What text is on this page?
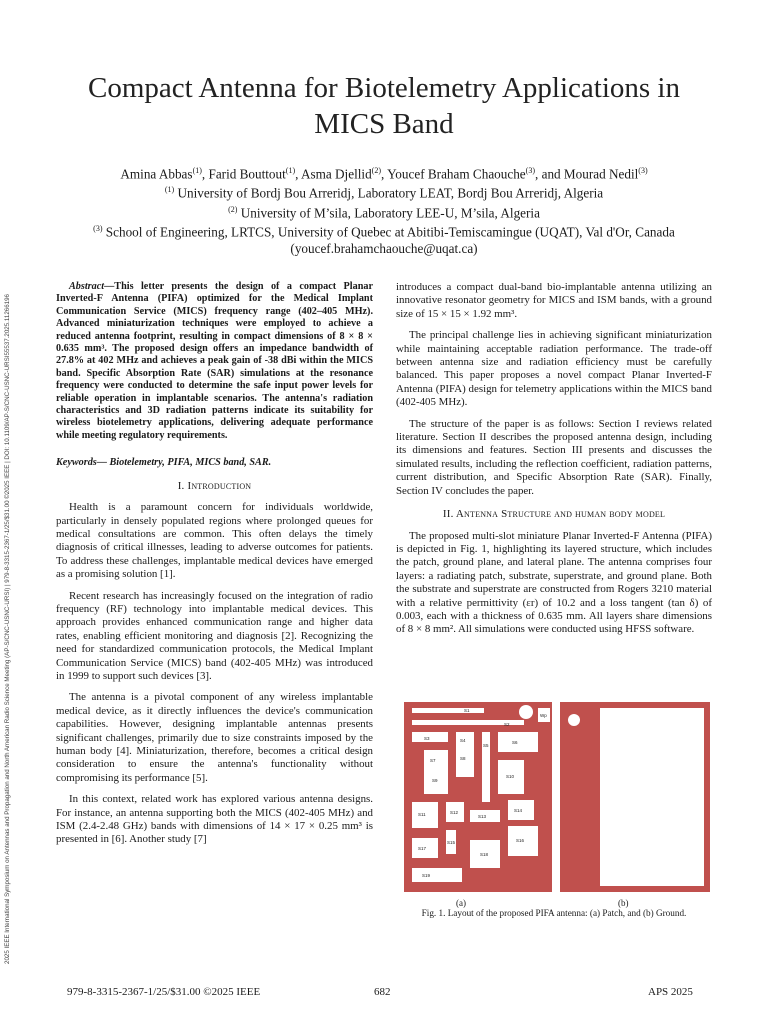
2025 IEEE International Symposium on Antennas and Propagation and North American Radio Science Meeting (AP-S/CNC-USNC-URSI) | 979-8-3315-2367-1/25/$31.00 ©2025 IEEE | DOI: 10.1109/AP-S/CNC-USNC-URSI55537.2025.11266196
Compact Antenna for Biotelemetry Applications in MICS Band
Amina Abbas$^{(1)}$, Farid Bouttout$^{(1)}$, Asma Djellid$^{(2)}$, Youcef Braham Chaouche$^{(3)}$, and Mourad Nedil$^{(3)}$
$^{(1)}$ University of Bordj Bou Arreridj, Laboratory LEAT, Bordj Bou Arreridj, Algeria
$^{(2)}$ University of M’sila, Laboratory LEE-U, M’sila, Algeria
$^{(3)}$ School of Engineering, LRTCS, University of Quebec at Abitibi-Temiscamingue (UQAT), Val d'Or, Canada
(youcef.brahamchaouche@uqat.ca)

Abstract—This letter presents the design of a compact Planar Inverted-F Antenna (PIFA) optimized for the Medical Implant Communication Service (MICS) frequency range (402–405 MHz). Advanced miniaturization techniques were employed to achieve a reduced antenna footprint, resulting in compact dimensions of 8 × 8 × 0.635 mm³. The proposed design offers an impedance bandwidth of 27.8% at 402 MHz and achieves a peak gain of -38 dBi within the MICS band. Specific Absorption Rate (SAR) simulations at the resonance frequency were conducted to determine the safe input power levels for reliable operation in implantable scenarios. The antenna's radiation characteristics and 3D radiation patterns indicate its suitability for wireless biotelemetry applications, delivering adequate performance while meeting regulatory requirements.

Keywords— Biotelemetry, PIFA, MICS band, SAR.

I. Introduction

Health is a paramount concern for individuals worldwide, particularly in densely populated regions where prolonged queues for medical consultations are common. This often delays the timely diagnosis of critical illnesses, leading to adverse outcomes for patients. To address these challenges, implantable medical devices have emerged as a promising solution [1].

Recent research has increasingly focused on the integration of radio frequency (RF) technology into implantable medical devices. This approach provides enhanced communication range and higher data rates, enabling efficient monitoring and diagnosis [2]. Recognizing the need for standardized communication protocols, the Medical Implant Communication Service (MICS) band (402-405 MHz) was introduced in 1999 to support such devices [3].

The antenna is a pivotal component of any wireless implantable medical device, as it directly influences the device's communication capabilities. However, designing implantable antennas presents significant challenges, primarily due to size constraints imposed by the human body [4]. Miniaturization, therefore, becomes a critical design consideration to ensure the antenna's functionality without compromising its performance [5].

In this context, related work has explored various antenna designs. For instance, an antenna supporting both the MICS (402-405 MHz) and ISM (2.4-2.48 GHz) bands with dimensions of 14 × 17 × 0.25 mm³ is presented in [6]. Another study [7]

introduces a compact dual-band bio-implantable antenna utilizing an innovative resonator geometry for MICS and ISM bands, with a ground size of 15 × 15 × 1.92 mm³.

The principal challenge lies in achieving significant miniaturization while maintaining acceptable radiation performance. The trade-off between antenna size and radiation efficiency must be carefully balanced. This paper proposes a novel compact Planar Inverted-F Antenna (PIFA) design for telemetry applications within the MICS band (402-405 MHz).

The structure of the paper is as follows: Section I reviews related literature. Section II describes the proposed antenna design, including its dimensions and features. Section III presents and discusses the simulated results, including the reflection coefficient, radiation patterns, current distribution, and Specific Absorption Rate (SAR). Finally, Section IV concludes the paper.

II. Antenna Structure and human body model

The proposed multi-slot miniature Planar Inverted-F Antenna (PIFA) is depicted in Fig. 1, highlighting its layered structure, which includes the patch, ground plane, and lateral plane. The antenna comprises four layers: a radiating patch, substrate, superstrate, and ground plane. Both the substrate and superstrate are constructed from Rogers 3210 material with a relative permittivity (εr) of 10.2 and a loss tangent (tan δ) of 0.003, each with a thickness of 0.635 mm. All layers share dimensions of 8 × 8 mm². All simulations were conducted using HFSS software.

S1
S2
S3	S4
S5
S6
S7	S8
S9
S10
S11	S12
S13
S14
S15	S16
S17
S18
S19
Wp
(a)	(b)
Fig. 1. Layout of the proposed PIFA antenna: (a) Patch, and (b) Ground.
979-8-3315-2367-1/25/$31.00 ©2025 IEEE	682	APS 2025
